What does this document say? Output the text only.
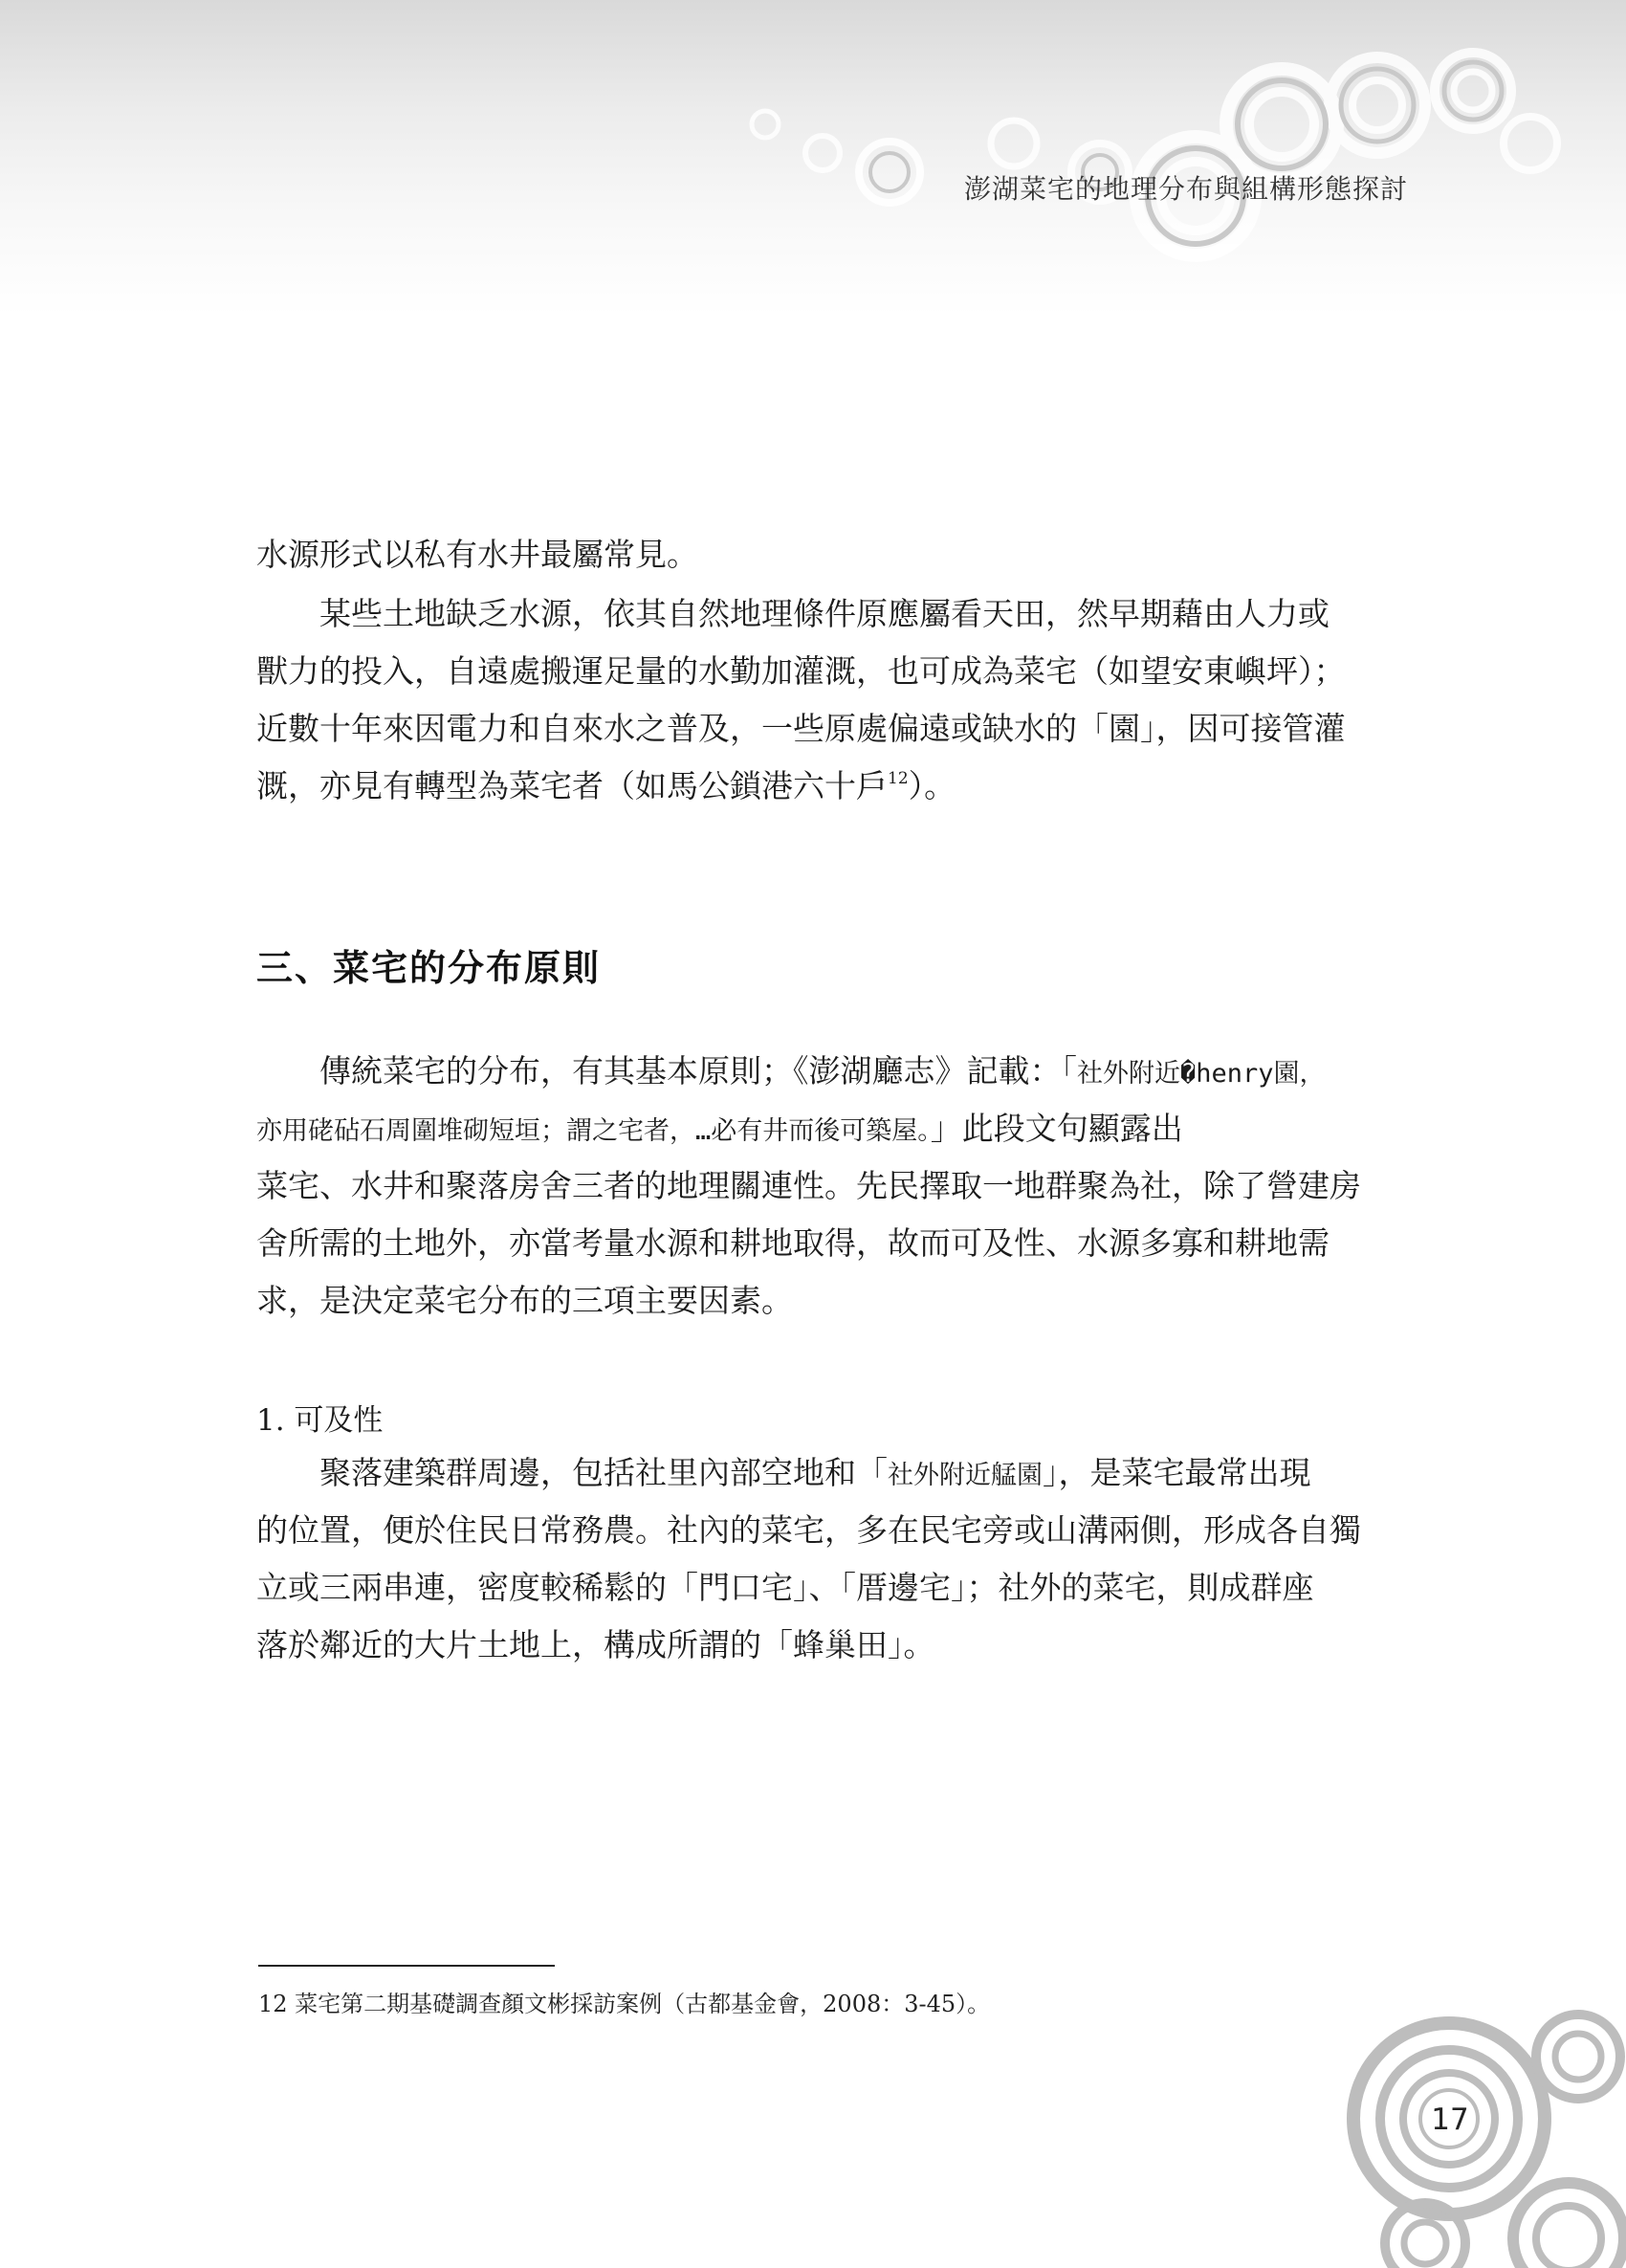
澎湖菜宅的地理分布與組構形態探討
水源形式以私有水井最屬常見。
某些土地缺乏水源，依其自然地理條件原應屬看天田，然早期藉由人力或
獸力的投入，自遠處搬運足量的水勤加灌溉，也可成為菜宅（如望安東嶼坪）；
近數十年來因電力和自來水之普及，一些原處偏遠或缺水的「園」，因可接管灌
溉，亦見有轉型為菜宅者（如馬公鎖港六十戶$^{12}$）。
三、菜宅的分布原則
傳統菜宅的分布，有其基本原則；《澎湖廳志》記載：「社外附近�henry園，
亦用硓砧石周圍堆砌短垣；謂之宅者，…必有井而後可築屋。」此段文句顯露出
菜宅、水井和聚落房舍三者的地理關連性。先民擇取一地群聚為社，除了營建房
舍所需的土地外，亦當考量水源和耕地取得，故而可及性、水源多寡和耕地需
求，是決定菜宅分布的三項主要因素。
1. 可及性
聚落建築群周邊，包括社里內部空地和「社外附近艋園」，是菜宅最常出現
的位置，便於住民日常務農。社內的菜宅，多在民宅旁或山溝兩側，形成各自獨
立或三兩串連，密度較稀鬆的「門口宅」、「厝邊宅」；社外的菜宅，則成群座
落於鄰近的大片土地上，構成所謂的「蜂巢田」。
12 菜宅第二期基礎調查顏文彬採訪案例（古都基金會，2008：3-45）。
17
